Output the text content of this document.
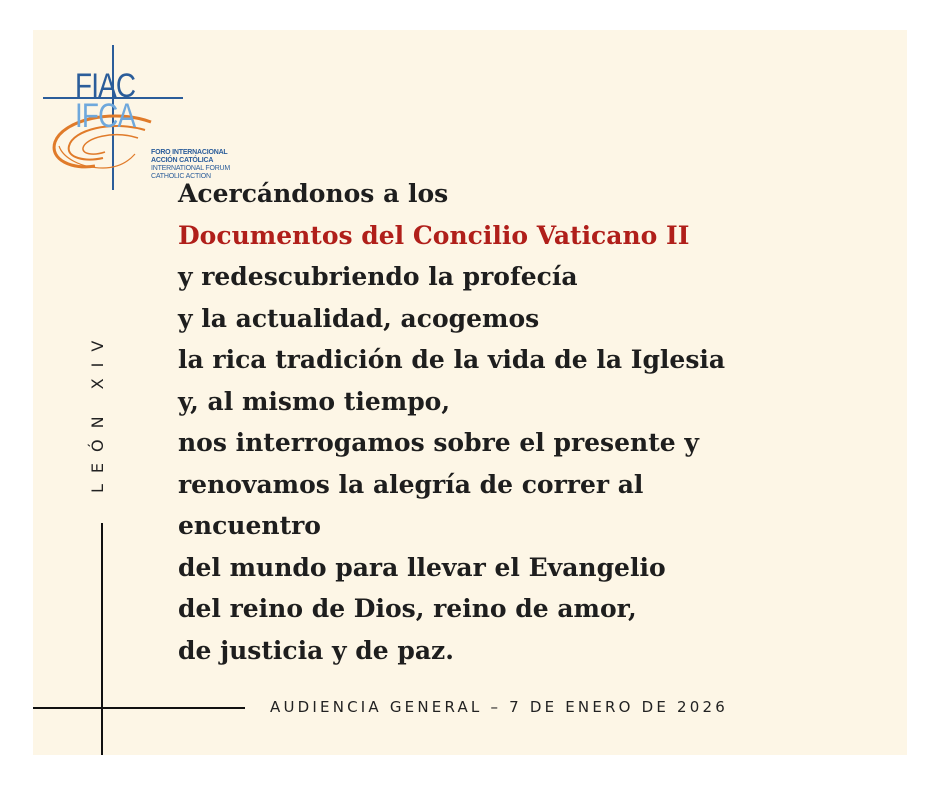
FIAC
IFCA
FORO INTERNACIONAL
ACCIÓN CATÓLICA
INTERNATIONAL FORUM
CATHOLIC ACTION
Acercándonos a los
Documentos del Concilio Vaticano II
y redescubriendo la profecía
y la actualidad, acogemos
la rica tradición de la vida de la Iglesia
y, al mismo tiempo,
nos interrogamos sobre el presente y
renovamos la alegría de correr al
encuentro
del mundo para llevar el Evangelio
del reino de Dios, reino de amor,
de justicia y de paz.
LEÓN XIV
AUDIENCIA GENERAL – 7 DE ENERO DE 2026
